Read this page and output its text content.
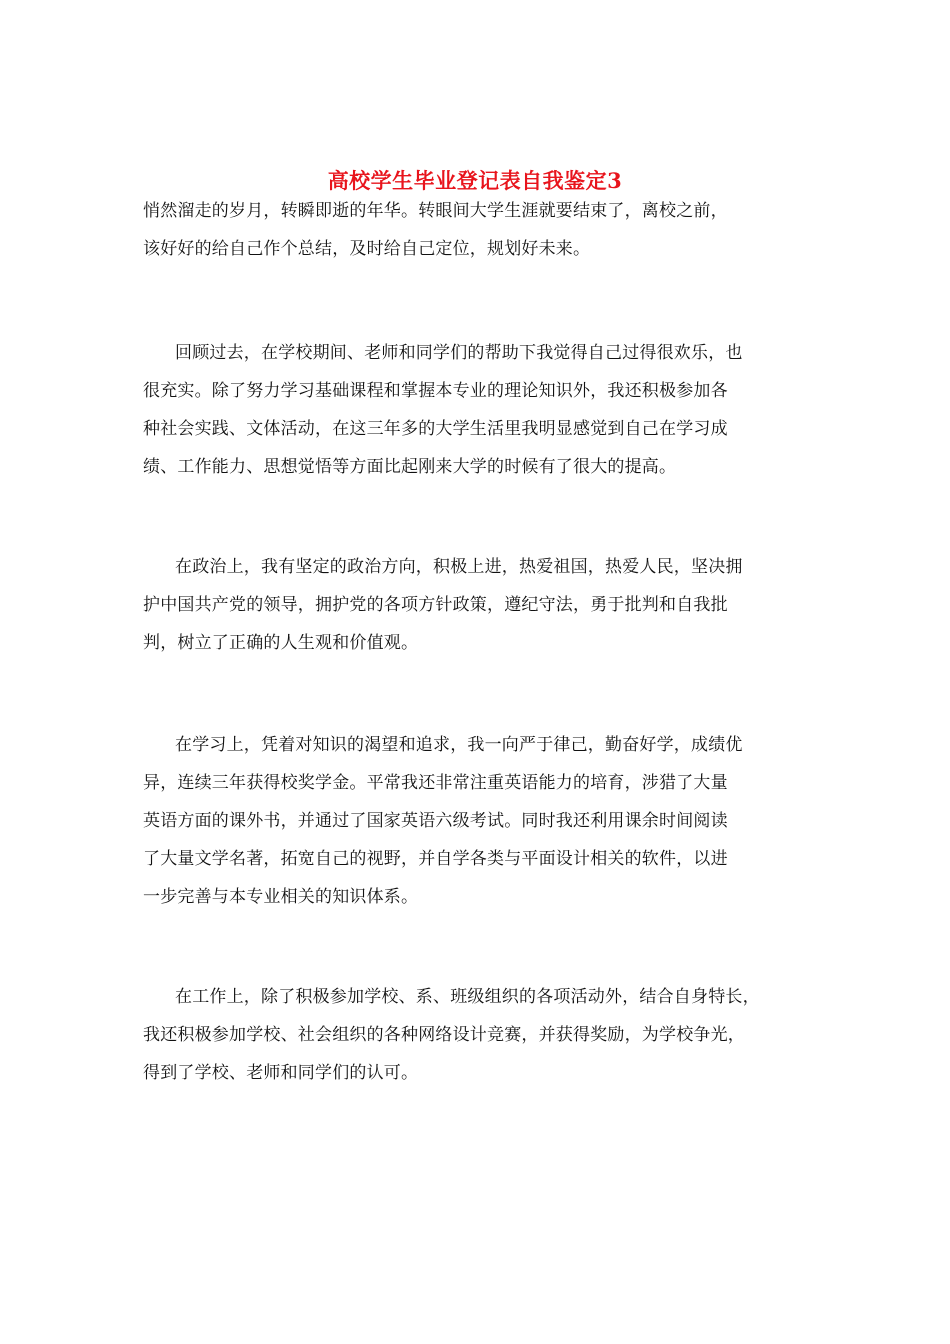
高校学生毕业登记表自我鉴定3

悄然溜走的岁月，转瞬即逝的年华。转眼间大学生涯就要结束了，离校之前，
该好好的给自己作个总结，及时给自己定位，规划好未来。

回顾过去，在学校期间、老师和同学们的帮助下我觉得自己过得很欢乐，也
很充实。除了努力学习基础课程和掌握本专业的理论知识外，我还积极参加各
种社会实践、文体活动，在这三年多的大学生活里我明显感觉到自己在学习成
绩、工作能力、思想觉悟等方面比起刚来大学的时候有了很大的提高。

在政治上，我有坚定的政治方向，积极上进，热爱祖国，热爱人民，坚决拥
护中国共产党的领导，拥护党的各项方针政策，遵纪守法，勇于批判和自我批
判，树立了正确的人生观和价值观。

在学习上，凭着对知识的渴望和追求，我一向严于律己，勤奋好学，成绩优
异，连续三年获得校奖学金。平常我还非常注重英语能力的培育，涉猎了大量
英语方面的课外书，并通过了国家英语六级考试。同时我还利用课余时间阅读
了大量文学名著，拓宽自己的视野，并自学各类与平面设计相关的软件，以进
一步完善与本专业相关的知识体系。

在工作上，除了积极参加学校、系、班级组织的各项活动外，结合自身特长，
我还积极参加学校、社会组织的各种网络设计竞赛，并获得奖励，为学校争光，
得到了学校、老师和同学们的认可。
